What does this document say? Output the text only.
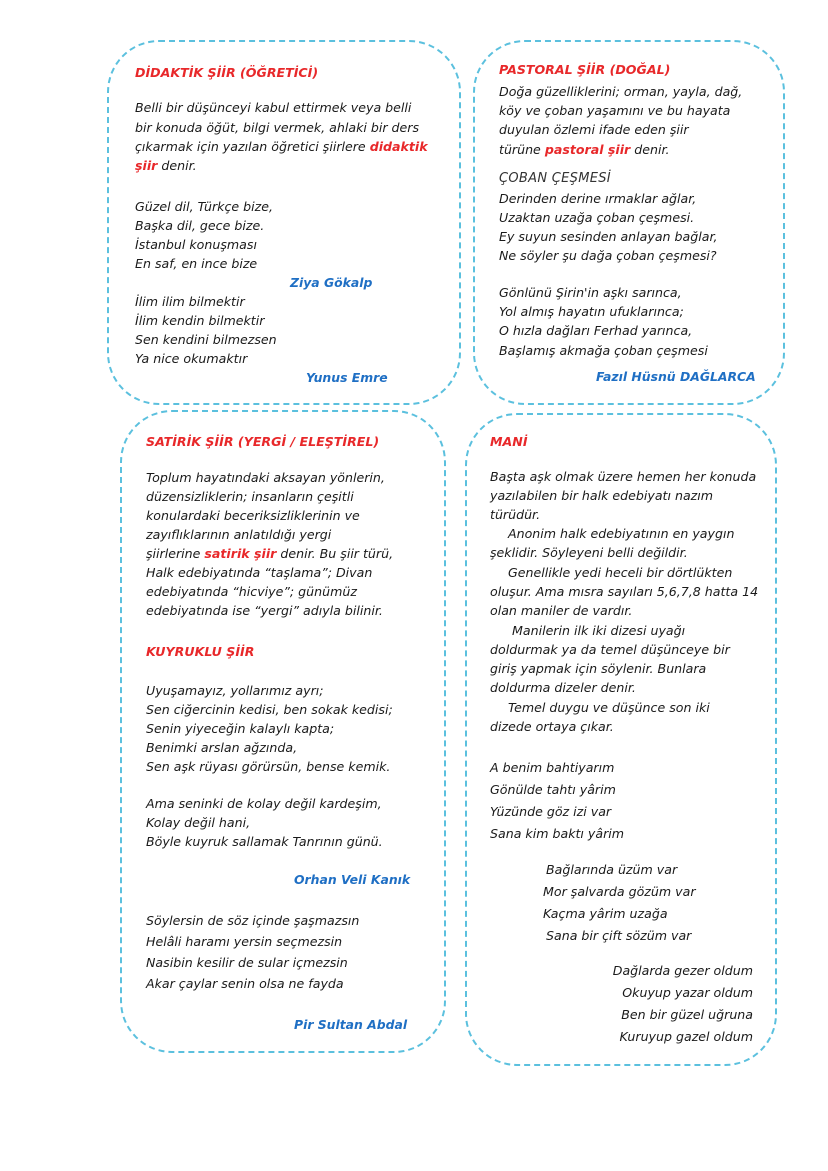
DİDAKTİK ŞİİR (ÖĞRETİCİ)
Belli bir düşünceyi kabul ettirmek veya belli
bir konuda öğüt, bilgi vermek, ahlaki bir ders
çıkarmak için yazılan öğretici şiirlere didaktik
şiir denir.
Güzel dil, Türkçe bize,
Başka dil, gece bize.
İstanbul konuşması
En saf, en ince bize
Ziya Gökalp
İlim ilim bilmektir
İlim kendin bilmektir
Sen kendini bilmezsen
Ya nice okumaktır
Yunus Emre
PASTORAL ŞİİR (DOĞAL)
Doğa güzelliklerini; orman, yayla, dağ,
köy ve çoban yaşamını ve bu hayata
duyulan özlemi ifade eden şiir
türüne pastoral şiir denir.
ÇOBAN ÇEŞMESİ
Derinden derine ırmaklar ağlar,
Uzaktan uzağa çoban çeşmesi.
Ey suyun sesinden anlayan bağlar,
Ne söyler şu dağa çoban çeşmesi?
Gönlünü Şirin'in aşkı sarınca,
Yol almış hayatın ufuklarınca;
O hızla dağları Ferhad yarınca,
Başlamış akmağa çoban çeşmesi
Fazıl Hüsnü DAĞLARCA
SATİRİK ŞİİR (YERGİ / ELEŞTİREL)
Toplum hayatındaki aksayan yönlerin,
düzensizliklerin; insanların çeşitli
konulardaki beceriksizliklerinin ve
zayıflıklarının anlatıldığı yergi
şiirlerine satirik şiir denir. Bu şiir türü,
Halk edebiyatında “taşlama”; Divan
edebiyatında “hicviye”; günümüz
edebiyatında ise “yergi” adıyla bilinir.
KUYRUKLU ŞİİR
Uyuşamayız, yollarımız ayrı;
Sen ciğercinin kedisi, ben sokak kedisi;
Senin yiyeceğin kalaylı kapta;
Benimki arslan ağzında,
Sen aşk rüyası görürsün, bense kemik.
Ama seninki de kolay değil kardeşim,
Kolay değil hani,
Böyle kuyruk sallamak Tanrının günü.
Orhan Veli Kanık
Söylersin de söz içinde şaşmazsın
Helâli haramı yersin seçmezsin
Nasibin kesilir de sular içmezsin
Akar çaylar senin olsa ne fayda
Pir Sultan Abdal
MANİ
Başta aşk olmak üzere hemen her konuda
yazılabilen bir halk edebiyatı nazım
türüdür.
Anonim halk edebiyatının en yaygın
şeklidir. Söyleyeni belli değildir.
Genellikle yedi heceli bir dörtlükten
oluşur. Ama mısra sayıları 5,6,7,8 hatta 14
olan maniler de vardır.
Manilerin ilk iki dizesi uyağı
doldurmak ya da temel düşünceye bir
giriş yapmak için söylenir. Bunlara
doldurma dizeler denir.
Temel duygu ve düşünce son iki
dizede ortaya çıkar.
A benim bahtiyarım
Gönülde tahtı yârim
Yüzünde göz izi var
Sana kim baktı yârim
Bağlarında üzüm var
Mor şalvarda gözüm var
Kaçma yârim uzağa
Sana bir çift sözüm var
Dağlarda gezer oldum
Okuyup yazar oldum
Ben bir güzel uğruna
Kuruyup gazel oldum
